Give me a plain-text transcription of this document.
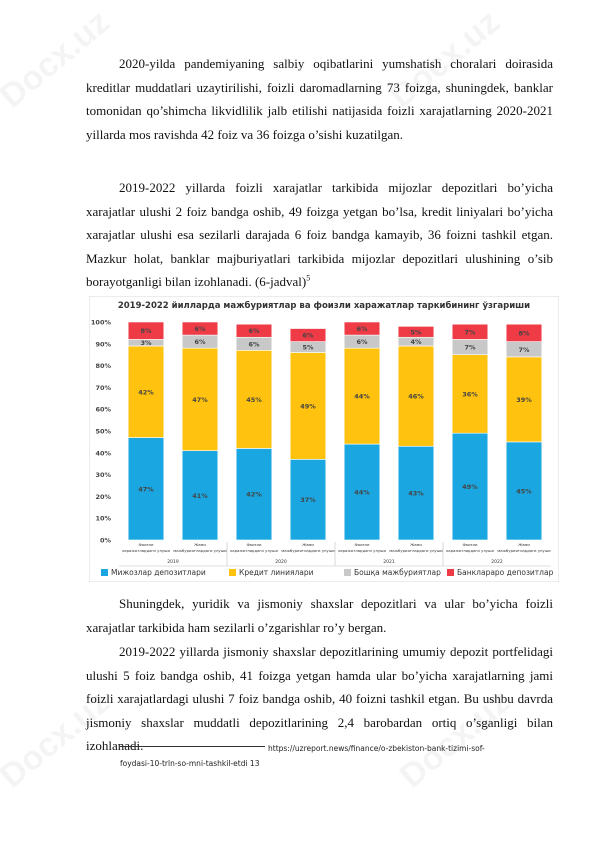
2020-yilda pandemiyaning salbiy oqibatlarini yumshatish choralari doirasida kreditlar muddatlari uzaytirilishi, foizli daromadlarning 73 foizga, shuningdek, banklar tomonidan qo’shimcha likvidlilik jalb etilishi natijasida foizli xarajatlarning 2020-2021 yillarda mos ravishda 42 foiz va 36 foizga o’sishi kuzatilgan.

2019-2022 yillarda foizli xarajatlar tarkibida mijozlar depozitlari bo’yicha xarajatlar ulushi 2 foiz bandga oshib, 49 foizga yetgan bo’lsa, kredit liniyalari bo’yicha xarajatlar ulushi esa sezilarli darajada 6 foiz bandga kamayib, 36 foizni tashkil etgan. Mazkur holat, banklar majburiyatlari tarkibida mijozlar depozitlari ulushining o’sib borayotganligi bilan izohlanadi. (6-jadval)$^5$

2019-2022 йилларда мажбуриятлар ва фоизли харажатлар таркибининг ўзгариши
0%
10%
20%
30%
40%
50%
60%
70%
80%
90%
100%
47%
42%
3%
8%
Фоизли
харажатлардаги улуши
41%
47%
6%
6%
Жами
мажбуриятлардаги улуши
42%
45%
6%
6%
Фоизли
харажатлардаги улуши
37%
49%
5%
6%
Жами
мажбуриятлардаги улуши
44%
44%
6%
6%
Фоизли
харажатлардаги улуши
43%
46%
4%
5%
Жами
мажбуриятлардаги улуши
49%
36%
7%
7%
Фоизли
харажатлардаги улуши
45%
39%
7%
8%
Жами
мажбуриятлардаги улуши
2019	2020	2021	2022
Мижозлар депозитлари	Кредит линиялари	Бошқа мажбуриятлар Банклараро депозитлар

Shuningdek, yuridik va jismoniy shaxslar depozitlari va ular bo’yicha foizli xarajatlar tarkibida ham sezilarli o’zgarishlar ro’y bergan.

2019-2022 yillarda jismoniy shaxslar depozitlarining umumiy depozit portfelidagi ulushi 5 foiz bandga oshib, 41 foizga yetgan hamda ular bo’yicha xarajatlarning jami foizli xarajatlardagi ulushi 7 foiz bandga oshib, 40 foizni tashkil etgan. Bu ushbu davrda jismoniy shaxslar muddatli depozitlarining 2,4 barobardan ortiq o’sganligi bilan izohlanadi.	https://uzreport.news/finance/o-zbekiston-bank-tizimi-sof-
foydasi-10-trln-so-mni-tashkil-etdi 13
